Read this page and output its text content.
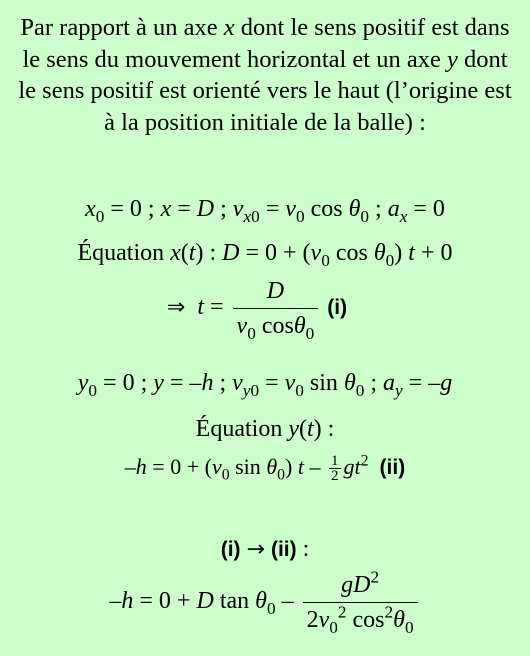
Par rapport à un axe x dont le sens positif est dans le sens du mouvement horizontal et un axe y dont le sens positif est orienté vers le haut (l’origine est à la position initiale de la balle) :
$x_0 = 0$ ; x = D ; $v_{x0} = v_0$ $\cos \theta_0$ ; $a_x = 0$
Équation x(t) : $D = 0 + (v_0$ $\cos \theta_0$) t + 0
⇒ $t = \frac{D}{v_0 \cos\theta_0} (i)$
$y_0 = 0$ ; y = –h ; $v_{y0} = v_0$ $\sin \theta_0$ ; $a_y = -g$
Équation y(t) :
$-h = 0 + (v_0$ $\sin \theta_0$) t – $\frac{1}{2} gt^2$ (ii)
(i) → (ii) :
–h = 0 + D $\tan \theta_0 - \frac{gD^2}{2v_0^2 \cos^2\theta_0}$
